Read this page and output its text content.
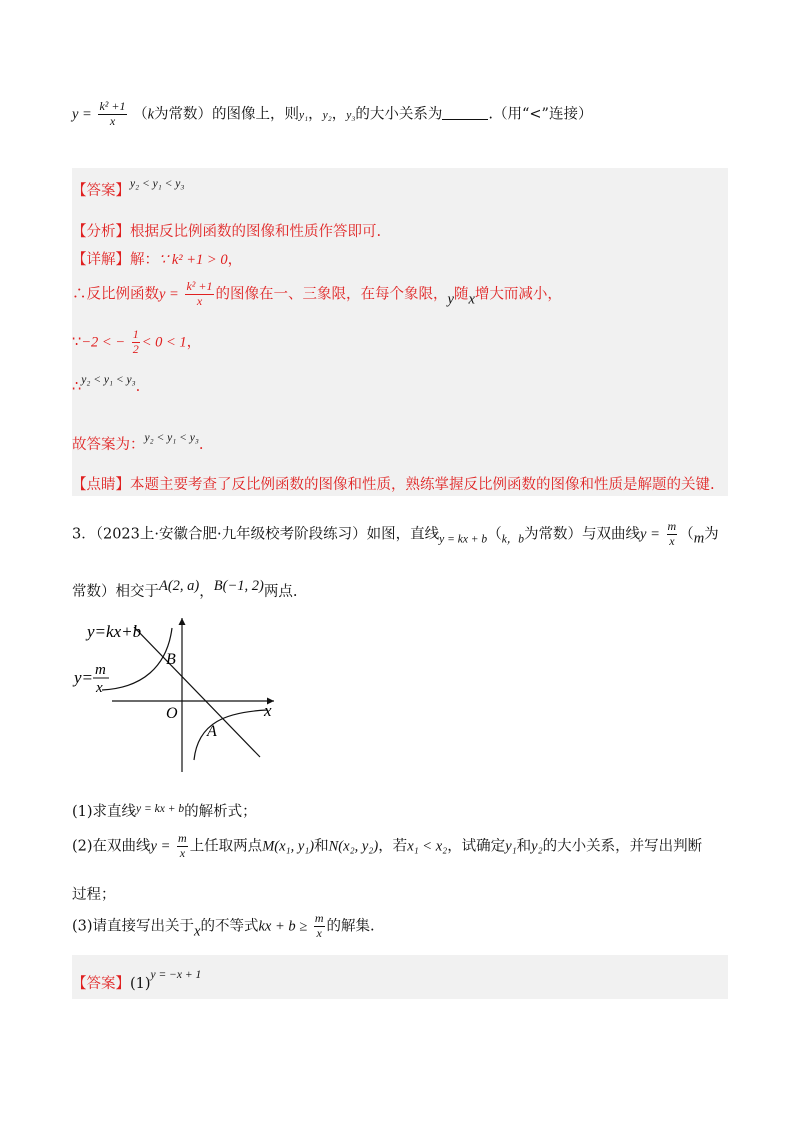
$y = \frac{\text{k² +1}}{x} (k$为常数）的图像上，则y₁，y₂，y₃的大小关系为	.（用“<”连接）
【答案】$^{y_2 < y_1 < y_3}$
【分析】根据反比例函数的图像和性质作答即可.
【详解】解：∵ k² +1 > 0，
∴反比例函数$y = \frac{\text{k² +1}}{x}$ 的图像在一、三象限，在每个象限，y随x增大而减小，
∵−2 < − $\frac{1}{2} < 0 < 1$，
∴$^{y_2 < y_1 < y_3}$.
故答案为：$^{y_2 < y_1 < y_3}$.
【点睛】本题主要考查了反比例函数的图像和性质，熟练掌握反比例函数的图像和性质是解题的关键.
3．（2023上·安徽合肥·九年级校考阶段练习）如图，直线$_{y = kx + b}(_{k,b}$为常数）与双曲线$y = \frac{m}{x} (m$为
常数）相交于A(2, a)，B(−1, 2)两点.
y=kx+b
y= m
x
B
A
O	x
(1)求直线$^{y = kx + b}$的解析式；
(2)在双曲线$y = \frac{m}{x}$ 上任取两点M(x₁, y₁)和N(x₂, y₂)，若x₁ < x₂，试确定y₁和y₂的大小关系，并写出判断
过程；
(3)请直接写出关于x的不等式kx + $b \ge \frac{m}{x}$ 的解集.
【答案】$(1)^{y = -x + 1}$
